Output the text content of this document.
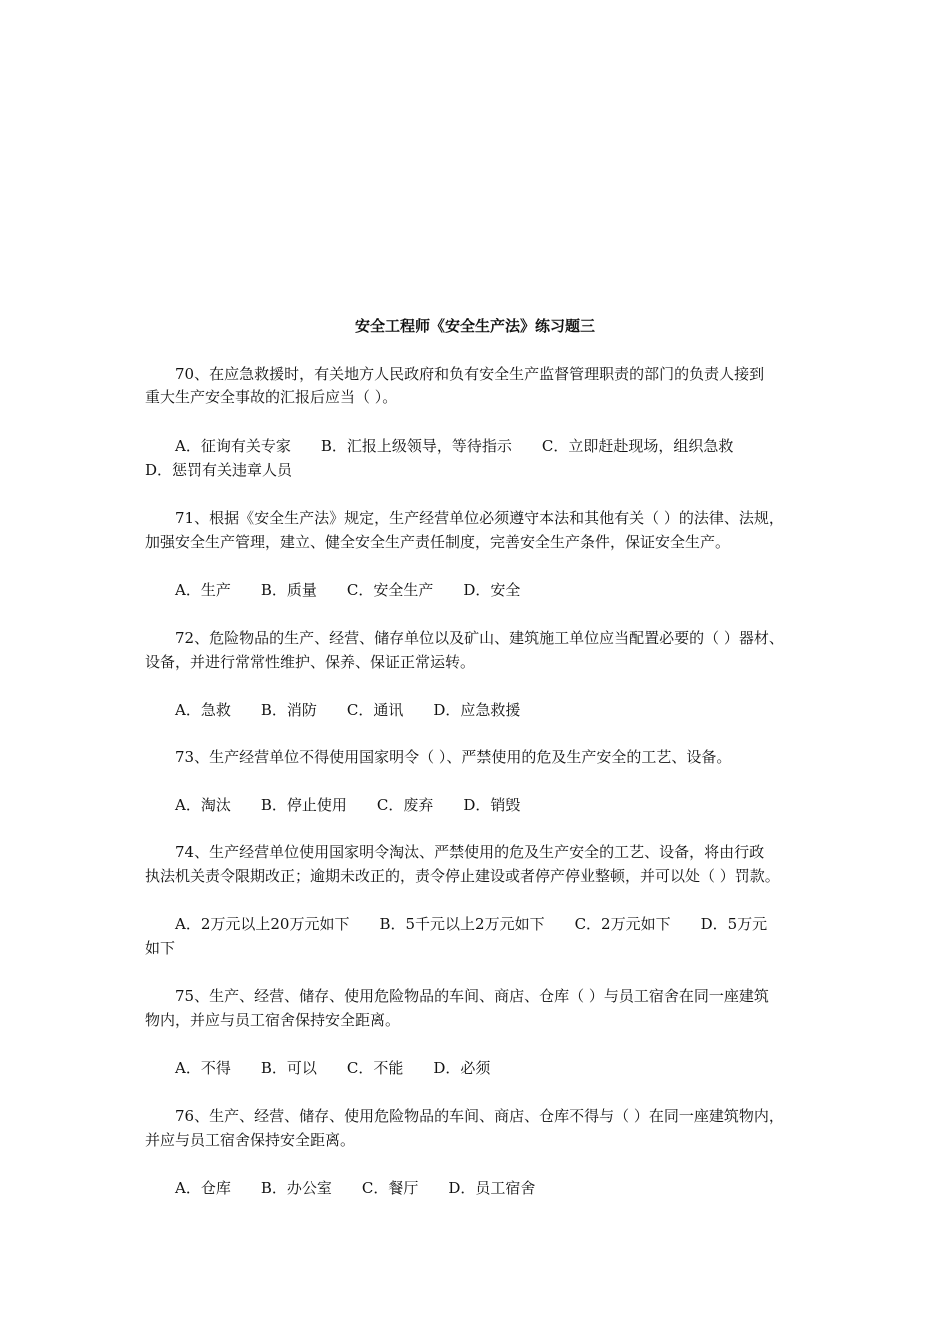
安全工程师《安全生产法》练习题三
70、在应急救援时，有关地方人民政府和负有安全生产监督管理职责的部门的负责人接到
重大生产安全事故的汇报后应当（ ）。
A．征询有关专家　　B．汇报上级领导，等待指示　　C．立即赶赴现场，组织急救
D．惩罚有关违章人员
71、根据《安全生产法》规定，生产经营单位必须遵守本法和其他有关（ ）的法律、法规，
加强安全生产管理，建立、健全安全生产责任制度，完善安全生产条件，保证安全生产。
A．生产　　B．质量　　C．安全生产　　D．安全
72、危险物品的生产、经营、储存单位以及矿山、建筑施工单位应当配置必要的（ ）器材、
设备，并进行常常性维护、保养、保证正常运转。
A．急救　　B．消防　　C．通讯　　D．应急救援
73、生产经营单位不得使用国家明令（ ）、严禁使用的危及生产安全的工艺、设备。
A．淘汰　　B．停止使用　　C．废弃　　D．销毁
74、生产经营单位使用国家明令淘汰、严禁使用的危及生产安全的工艺、设备，将由行政
执法机关责令限期改正；逾期未改正的，责令停止建设或者停产停业整顿，并可以处（ ）罚款。
A．2万元以上20万元如下　　B．5千元以上2万元如下　　C．2万元如下　　D．5万元
如下
75、生产、经营、储存、使用危险物品的车间、商店、仓库（ ）与员工宿舍在同一座建筑
物内，并应与员工宿舍保持安全距离。
A．不得　　B．可以　　C．不能　　D．必须
76、生产、经营、储存、使用危险物品的车间、商店、仓库不得与（ ）在同一座建筑物内，
并应与员工宿舍保持安全距离。
A．仓库　　B．办公室　　C．餐厅　　D．员工宿舍
